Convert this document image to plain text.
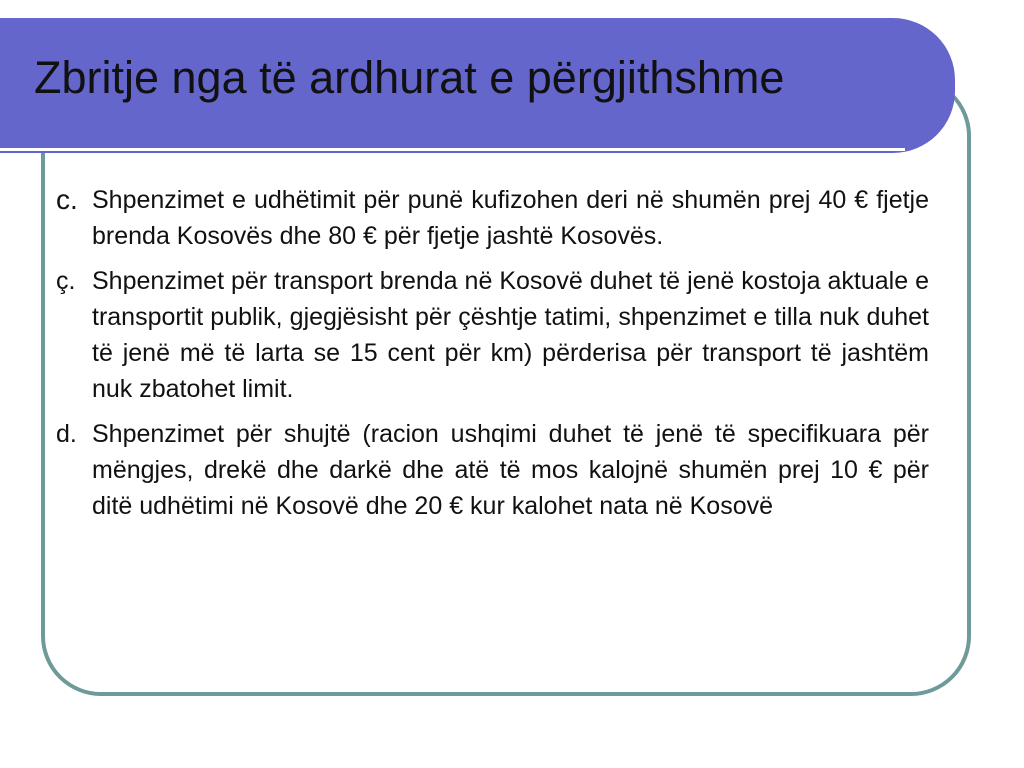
Zbritje nga të ardhurat e përgjithshme
c. Shpenzimet e udhëtimit për punë kufizohen deri në shumën prej 40 € fjetje brenda Kosovës dhe 80 € për fjetje jashtë Kosovës.
ç. Shpenzimet për transport brenda në Kosovë duhet të jenë kostoja aktuale e transportit publik, gjegjësisht për çështje tatimi, shpenzimet e tilla nuk duhet të jenë më të larta se 15 cent për km) përderisa për transport të jashtëm nuk zbatohet limit.
d. Shpenzimet për shujtë (racion ushqimi duhet të jenë të specifikuara për mëngjes, drekë dhe darkë dhe atë të mos kalojnë shumën prej 10 € për ditë udhëtimi në Kosovë dhe 20 € kur kalohet nata në Kosovë
